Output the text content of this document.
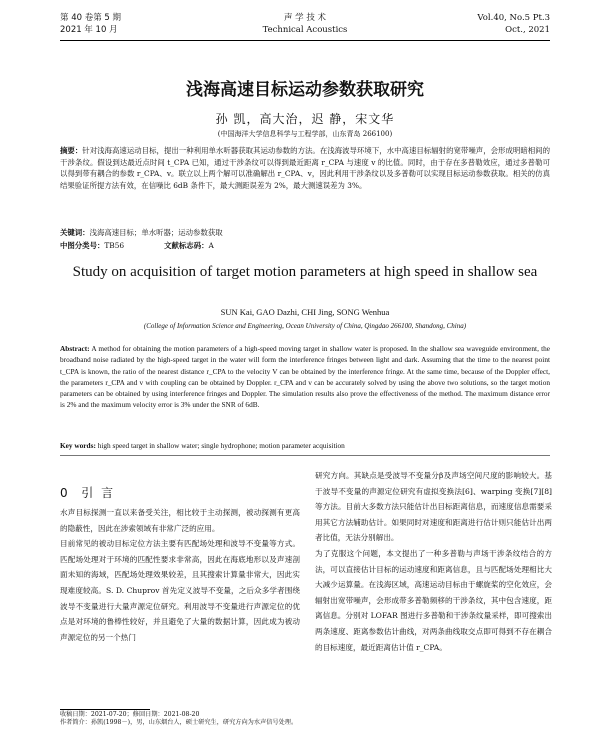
第 40 卷第 5 期
2021 年 10 月
声 学 技 术
Technical Acoustics
Vol.40, No.5 Pt.3
Oct., 2021
浅海高速目标运动参数获取研究
孙 凯，高大治，迟 静，宋文华
(中国海洋大学信息科学与工程学部，山东青岛 266100)
摘要：针对浅海高速运动目标，提出一种利用单水听器获取其运动参数的方法。在浅海波导环境下，水中高速目标辐射的宽带噪声，会形成明暗相间的干涉条纹。假设到达最近点时间 t_CPA 已知，通过干涉条纹可以得到最近距离 r_CPA 与速度 v 的比值。同时，由于存在多普勒效应，通过多普勒可以得到带有耦合的参数 r_CPA、v。联立以上两个解可以准确解出 r_CPA、v，因此利用干涉条纹以及多普勒可以实现目标运动参数获取。相关的仿真结果验证所提方法有效，在信噪比 6dB 条件下，最大测距误差为 2%，最大测速误差为 3%。
关键词：浅海高速目标；单水听器；运动参数获取
中图分类号：TB56	文献标志码：A
Study on acquisition of target motion parameters at high speed in shallow sea
SUN Kai, GAO Dazhi, CHI Jing, SONG Wenhua
(College of Information Science and Engineering, Ocean University of China, Qingdao 266100, Shandong, China)
Abstract: A method for obtaining the motion parameters of a high-speed moving target in shallow water is proposed. In the shallow sea waveguide environment, the broadband noise radiated by the high-speed target in the water will form the interference fringes between light and dark. Assuming that the time to the nearest point t_CPA is known, the ratio of the nearest distance r_CPA to the velocity V can be obtained by the interference fringe. At the same time, because of the Doppler effect, the parameters r_CPA and v with coupling can be obtained by Doppler. r_CPA and v can be accurately solved by using the above two solutions, so the target motion parameters can be obtained by using interference fringes and Doppler. The simulation results also prove the effectiveness of the method. The maximum distance error is 2% and the maximum velocity error is 3% under the SNR of 6dB.
Key words: high speed target in shallow water; single hydrophone; motion parameter acquisition
0 引 言

水声目标探测一直以来备受关注，相比较于主动探测，被动探测有更高的隐蔽性，因此在涉索领域有非常广泛的应用。

目前常见的被动目标定位方法主要有匹配场处理和波导不变量等方式。匹配场处理对于环境的匹配性要求非常高，因此在海底地形以及声速剖面未知的海域，匹配场处理效果较差，且其搜索计算量非常大，因此实现难度较高。S. D. Chuprov 首先定义波导不变量，之后众多学者围绕波导不变量进行大量声源定位研究。利用波导不变量进行声源定位的优点是对环境的鲁棒性较好，并且避免了大量的数据计算，因此成为被动声源定位的另一个热门

研究方向。其缺点是受波导不变量分β及声场空间尺度的影响较大。基于波导不变量的声源定位研究有虚拟变换法[6]、warping 变换[7][8]等方法。目前大多数方法只能估计出目标距离信息，而速度信息需要采用其它方法辅助估计。如果同时对速度和距离进行估计则只能估计出两者比值，无法分别解出。

为了克服这个问题，本文提出了一种多普勒与声场干涉条纹结合的方法，可以直接估计目标的运动速度和距离信息，且与匹配场处理相比大大减少运算量。在浅海区域，高速运动目标由于螺旋桨的空化效应，会辐射出宽带噪声，会形成带多普勒频移的干涉条纹，其中包含速度，距离信息。分别对 LOFAR 图进行多普勒和干涉条纹量采样，即可搜索出两条速度、距离参数估计曲线，对两条曲线取交点即可得到不存在耦合的目标速度，最近距离估计值 r_CPA。

收稿日期：2021-07-20；修回日期：2021-08-20
作者简介：孙凯(1998－)，男，山东烟台人，硕士研究生，研究方向为水声信号处理。
